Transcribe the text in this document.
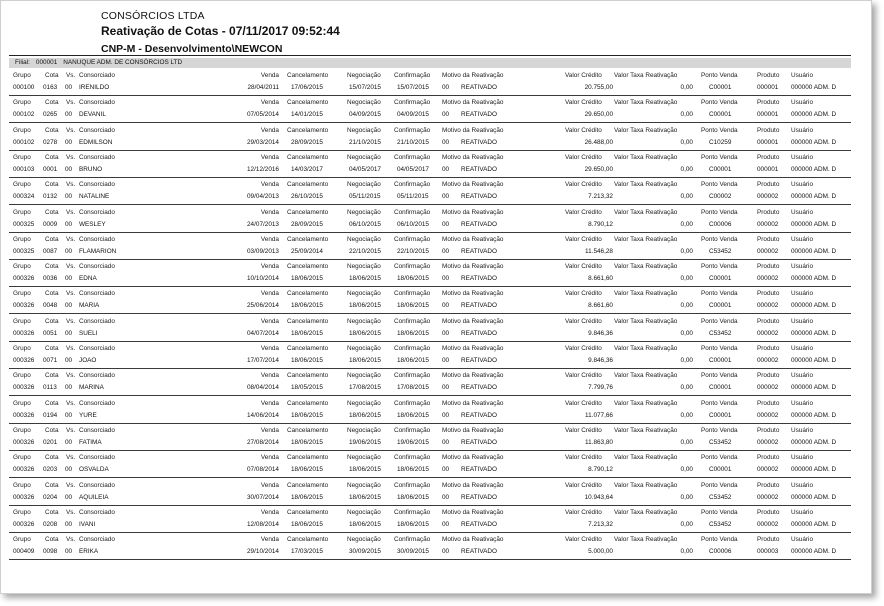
CONSÓRCIOS LTDA
Reativação de Cotas - 07/11/2017 09:52:44
CNP-M - Desenvolvimento\NEWCON
Filial: 000001 NANUQUE ADM. DE CONSÓRCIOS LTD
Grupo	Cota	Vs. Consorciado	Venda Cancelamento	Negociação	Confirmação	Motivo da Reativação	Valor Crédito	Valor Taxa Reativação	Ponto Venda	Produto	Usuário
000100	0163	00	IRENILDO	28/04/2011 17/06/2015	15/07/2015	15/07/2015	00	REATIVADO	20.755,00	0,00	C00001	000001	000000 ADM. D
Grupo	Cota	Vs. Consorciado	Venda Cancelamento	Negociação	Confirmação	Motivo da Reativação	Valor Crédito	Valor Taxa Reativação	Ponto Venda	Produto	Usuário
000102	0265	00	DEVANIL	07/05/2014 14/01/2015	04/09/2015	04/09/2015	00	REATIVADO	29.650,00	0,00	C00001	000001	000000 ADM. D
Grupo	Cota	Vs. Consorciado	Venda Cancelamento	Negociação	Confirmação	Motivo da Reativação	Valor Crédito	Valor Taxa Reativação	Ponto Venda	Produto	Usuário
000102	0278	00	EDMILSON	29/03/2014 28/09/2015	21/10/2015	21/10/2015	00	REATIVADO	26.488,00	0,00	C10259	000001	000000 ADM. D
Grupo	Cota	Vs. Consorciado	Venda Cancelamento	Negociação	Confirmação	Motivo da Reativação	Valor Crédito	Valor Taxa Reativação	Ponto Venda	Produto	Usuário
000103	0001	00	BRUNO	12/12/2016 14/03/2017	04/05/2017	04/05/2017	00	REATIVADO	29.650,00	0,00	C00001	000001	000000 ADM. D
Grupo	Cota	Vs. Consorciado	Venda Cancelamento	Negociação	Confirmação	Motivo da Reativação	Valor Crédito	Valor Taxa Reativação	Ponto Venda	Produto	Usuário
000324	0132	00	NATALINE	09/04/2013 26/10/2015	05/11/2015	05/11/2015	00	REATIVADO	7.213,32	0,00	C00002	000002	000000 ADM. D
Grupo	Cota	Vs. Consorciado	Venda Cancelamento	Negociação	Confirmação	Motivo da Reativação	Valor Crédito	Valor Taxa Reativação	Ponto Venda	Produto	Usuário
000325	0009	00	WESLEY	24/07/2013 28/09/2015	06/10/2015	06/10/2015	00	REATIVADO	8.790,12	0,00	C00006	000002	000000 ADM. D
Grupo	Cota	Vs. Consorciado	Venda Cancelamento	Negociação	Confirmação	Motivo da Reativação	Valor Crédito	Valor Taxa Reativação	Ponto Venda	Produto	Usuário
000325	0087	00	FLAMARION	03/09/2013 25/09/2014	22/10/2015	22/10/2015	00	REATIVADO	11.546,28	0,00	C53452	000002	000000 ADM. D
Grupo	Cota	Vs. Consorciado	Venda Cancelamento	Negociação	Confirmação	Motivo da Reativação	Valor Crédito	Valor Taxa Reativação	Ponto Venda	Produto	Usuário
000326	0036	00	EDNA	10/10/2014 18/06/2015	18/06/2015	18/06/2015	00	REATIVADO	8.661,60	0,00	C00001	000002	000000 ADM. D
Grupo	Cota	Vs. Consorciado	Venda Cancelamento	Negociação	Confirmação	Motivo da Reativação	Valor Crédito	Valor Taxa Reativação	Ponto Venda	Produto	Usuário
000326	0048	00	MARIA	25/06/2014 18/06/2015	18/06/2015	18/06/2015	00	REATIVADO	8.661,60	0,00	C00001	000002	000000 ADM. D
Grupo	Cota	Vs. Consorciado	Venda Cancelamento	Negociação	Confirmação	Motivo da Reativação	Valor Crédito	Valor Taxa Reativação	Ponto Venda	Produto	Usuário
000326	0051	00	SUELI	04/07/2014 18/06/2015	18/06/2015	18/06/2015	00	REATIVADO	9.846,36	0,00	C53452	000002	000000 ADM. D
Grupo	Cota	Vs. Consorciado	Venda Cancelamento	Negociação	Confirmação	Motivo da Reativação	Valor Crédito	Valor Taxa Reativação	Ponto Venda	Produto	Usuário
000326	0071	00	JOAO	17/07/2014 18/06/2015	18/06/2015	18/06/2015	00	REATIVADO	9.846,36	0,00	C00001	000002	000000 ADM. D
Grupo	Cota	Vs. Consorciado	Venda Cancelamento	Negociação	Confirmação	Motivo da Reativação	Valor Crédito	Valor Taxa Reativação	Ponto Venda	Produto	Usuário
000326	0113	00	MARINA	08/04/2014 18/05/2015	17/08/2015	17/08/2015	00	REATIVADO	7.799,76	0,00	C00001	000002	000000 ADM. D
Grupo	Cota	Vs. Consorciado	Venda Cancelamento	Negociação	Confirmação	Motivo da Reativação	Valor Crédito	Valor Taxa Reativação	Ponto Venda	Produto	Usuário
000326	0194	00	YURE	14/06/2014 18/06/2015	18/06/2015	18/06/2015	00	REATIVADO	11.077,66	0,00	C00001	000002	000000 ADM. D
Grupo	Cota	Vs. Consorciado	Venda Cancelamento	Negociação	Confirmação	Motivo da Reativação	Valor Crédito	Valor Taxa Reativação	Ponto Venda	Produto	Usuário
000326	0201	00	FATIMA	27/08/2014 18/06/2015	19/06/2015	19/06/2015	00	REATIVADO	11.863,80	0,00	C53452	000002	000000 ADM. D
Grupo	Cota	Vs. Consorciado	Venda Cancelamento	Negociação	Confirmação	Motivo da Reativação	Valor Crédito	Valor Taxa Reativação	Ponto Venda	Produto	Usuário
000326	0203	00	OSVALDA	07/08/2014 18/06/2015	18/06/2015	18/06/2015	00	REATIVADO	8.790,12	0,00	C00001	000002	000000 ADM. D
Grupo	Cota	Vs. Consorciado	Venda Cancelamento	Negociação	Confirmação	Motivo da Reativação	Valor Crédito	Valor Taxa Reativação	Ponto Venda	Produto	Usuário
000326	0204	00	AQUILEIA	30/07/2014 18/06/2015	18/06/2015	18/06/2015	00	REATIVADO	10.943,64	0,00	C53452	000002	000000 ADM. D
Grupo	Cota	Vs. Consorciado	Venda Cancelamento	Negociação	Confirmação	Motivo da Reativação	Valor Crédito	Valor Taxa Reativação	Ponto Venda	Produto	Usuário
000326	0208	00	IVANI	12/08/2014 18/06/2015	18/06/2015	18/06/2015	00	REATIVADO	7.213,32	0,00	C53452	000002	000000 ADM. D
Grupo	Cota	Vs. Consorciado	Venda Cancelamento	Negociação	Confirmação	Motivo da Reativação	Valor Crédito	Valor Taxa Reativação	Ponto Venda	Produto	Usuário
000409	0098	00	ERIKA	29/10/2014 17/03/2015	30/09/2015	30/09/2015	00	REATIVADO	5.000,00	0,00	C00006	000003	000000 ADM. D
